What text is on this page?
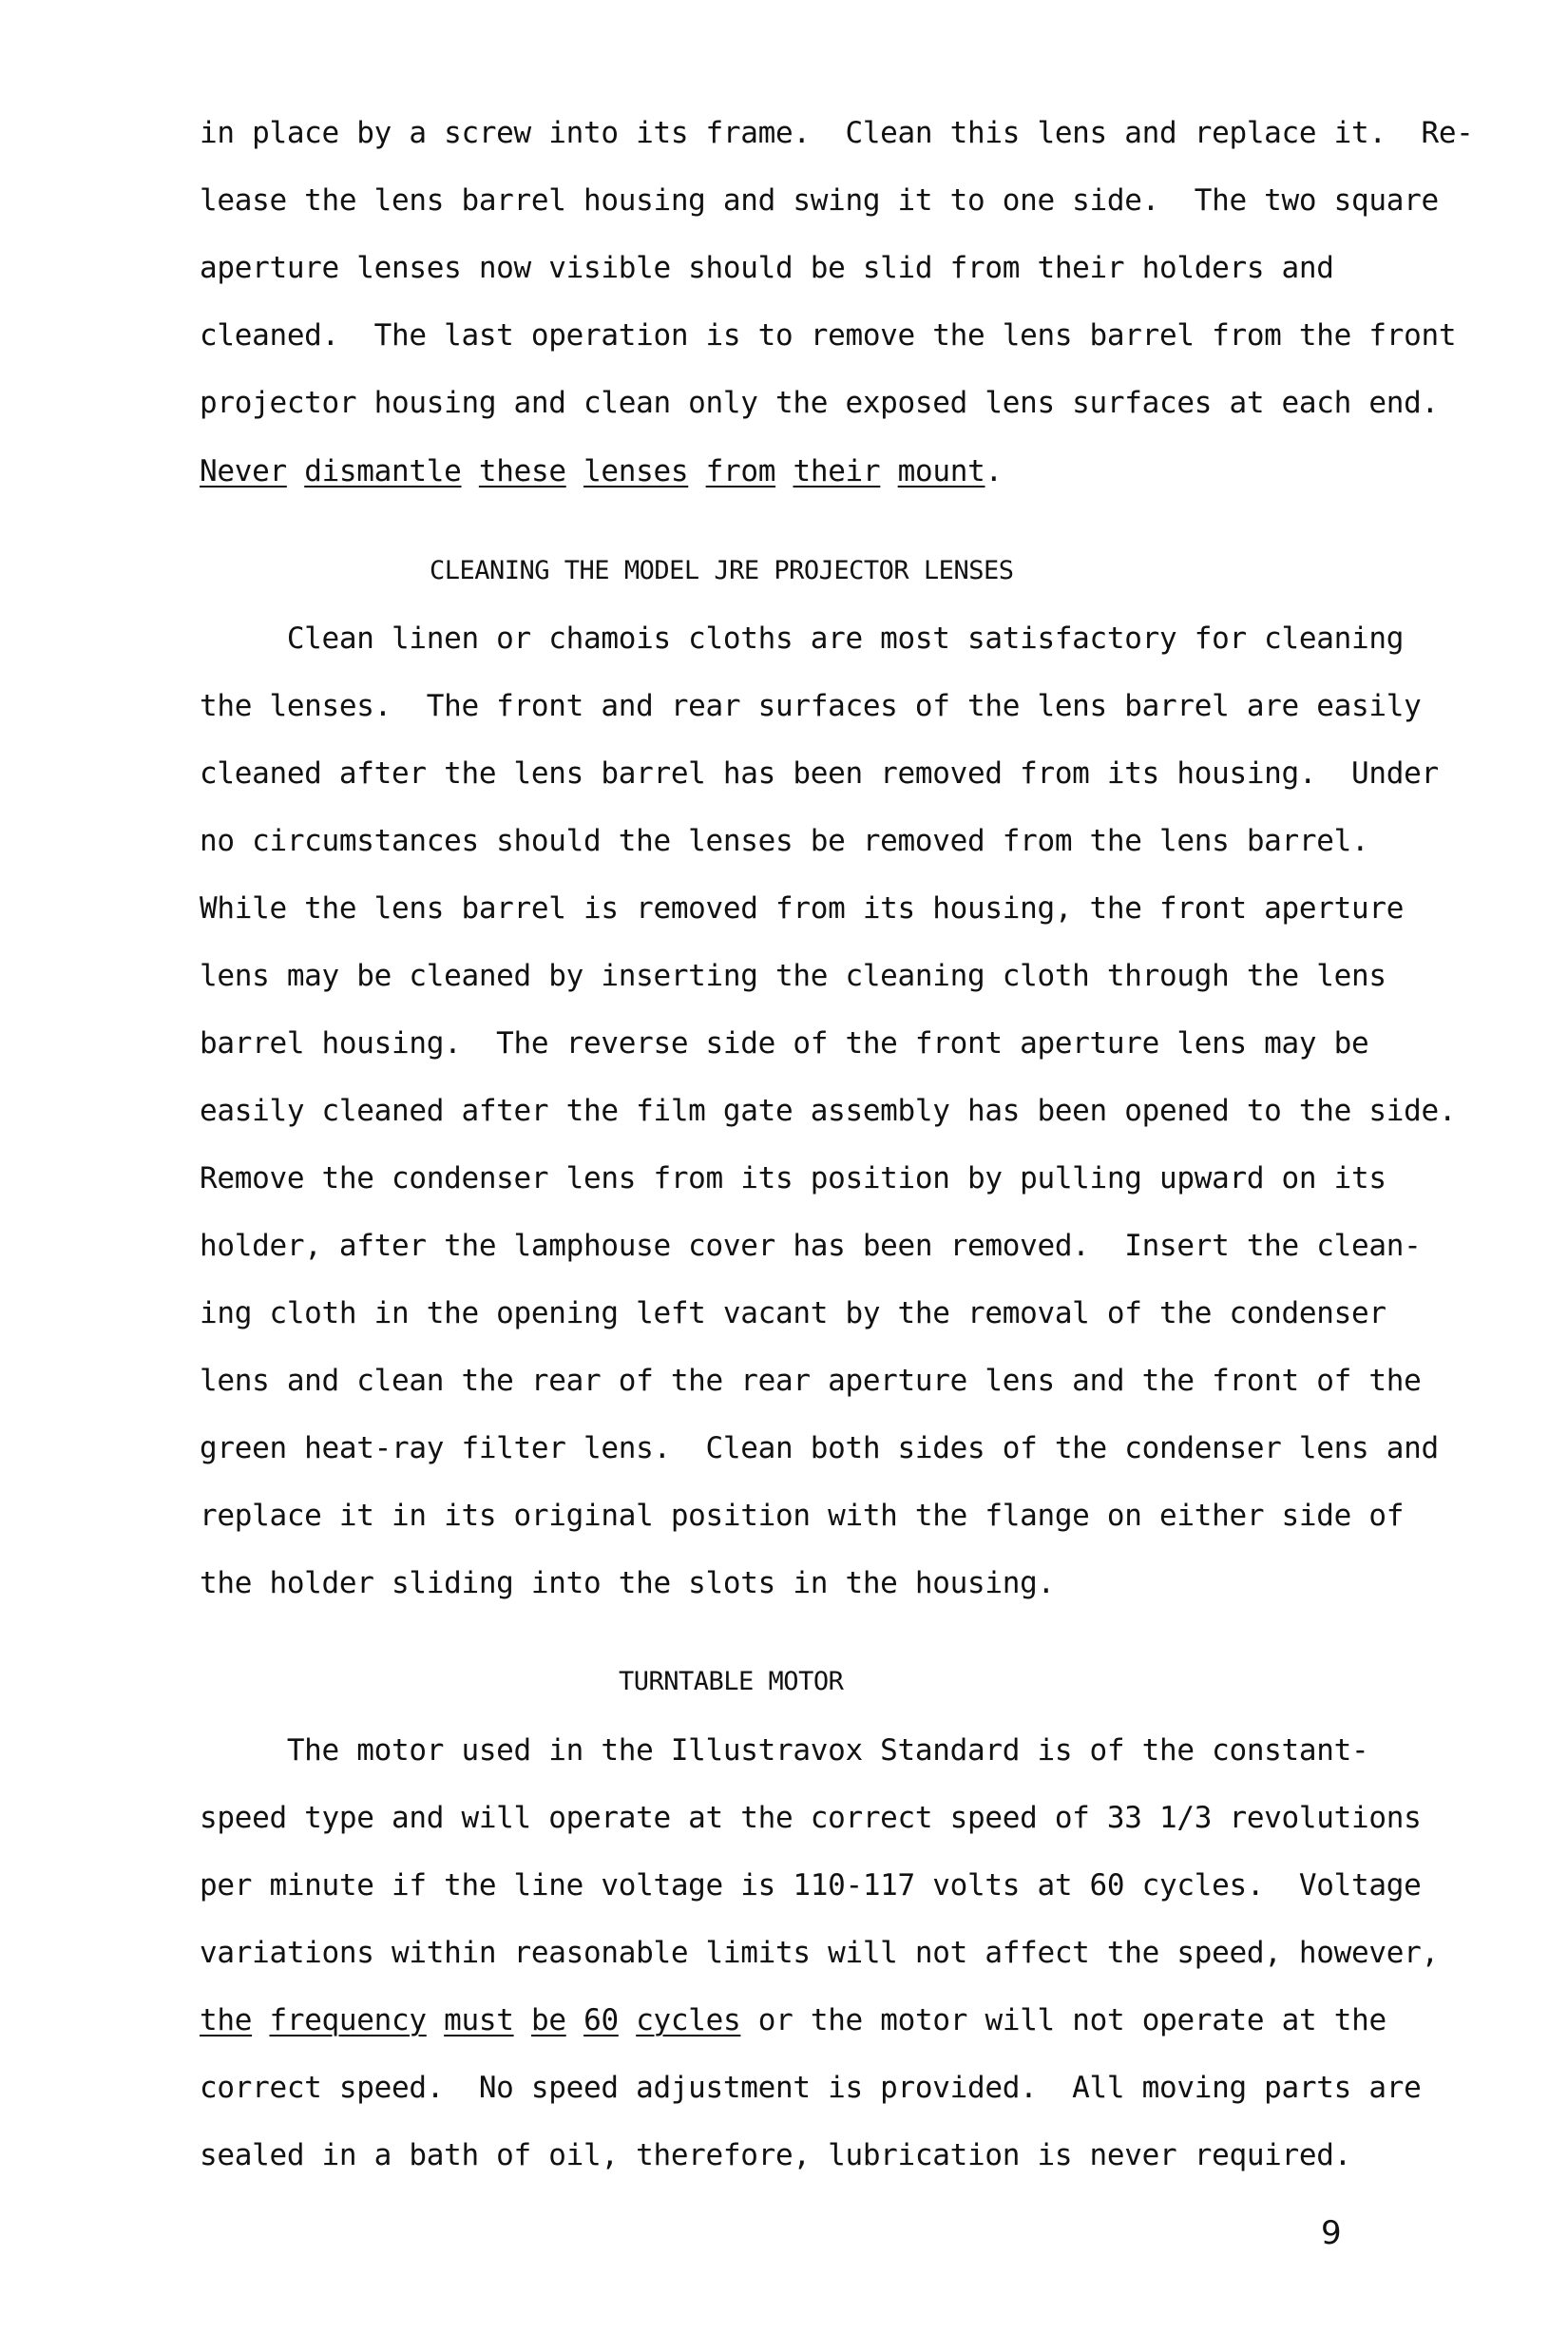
in place by a screw into its frame.  Clean this lens and replace it.  Re-
lease the lens barrel housing and swing it to one side.  The two square
aperture lenses now visible should be slid from their holders and
cleaned.  The last operation is to remove the lens barrel from the front
projector housing and clean only the exposed lens surfaces at each end.
Never dismantle these lenses from their mount.
CLEANING THE MODEL JRE PROJECTOR LENSES
Clean linen or chamois cloths are most satisfactory for cleaning
the lenses.  The front and rear surfaces of the lens barrel are easily
cleaned after the lens barrel has been removed from its housing.  Under
no circumstances should the lenses be removed from the lens barrel.
While the lens barrel is removed from its housing, the front aperture
lens may be cleaned by inserting the cleaning cloth through the lens
barrel housing.  The reverse side of the front aperture lens may be
easily cleaned after the film gate assembly has been opened to the side.
Remove the condenser lens from its position by pulling upward on its
holder, after the lamphouse cover has been removed.  Insert the clean-
ing cloth in the opening left vacant by the removal of the condenser
lens and clean the rear of the rear aperture lens and the front of the
green heat-ray filter lens.  Clean both sides of the condenser lens and
replace it in its original position with the flange on either side of
the holder sliding into the slots in the housing.
TURNTABLE MOTOR
The motor used in the Illustravox Standard is of the constant-
speed type and will operate at the correct speed of 33 1/3 revolutions
per minute if the line voltage is 110-117 volts at 60 cycles.  Voltage
variations within reasonable limits will not affect the speed, however,
the frequency must be 60 cycles or the motor will not operate at the
correct speed.  No speed adjustment is provided.  All moving parts are
sealed in a bath of oil, therefore, lubrication is never required.
9
